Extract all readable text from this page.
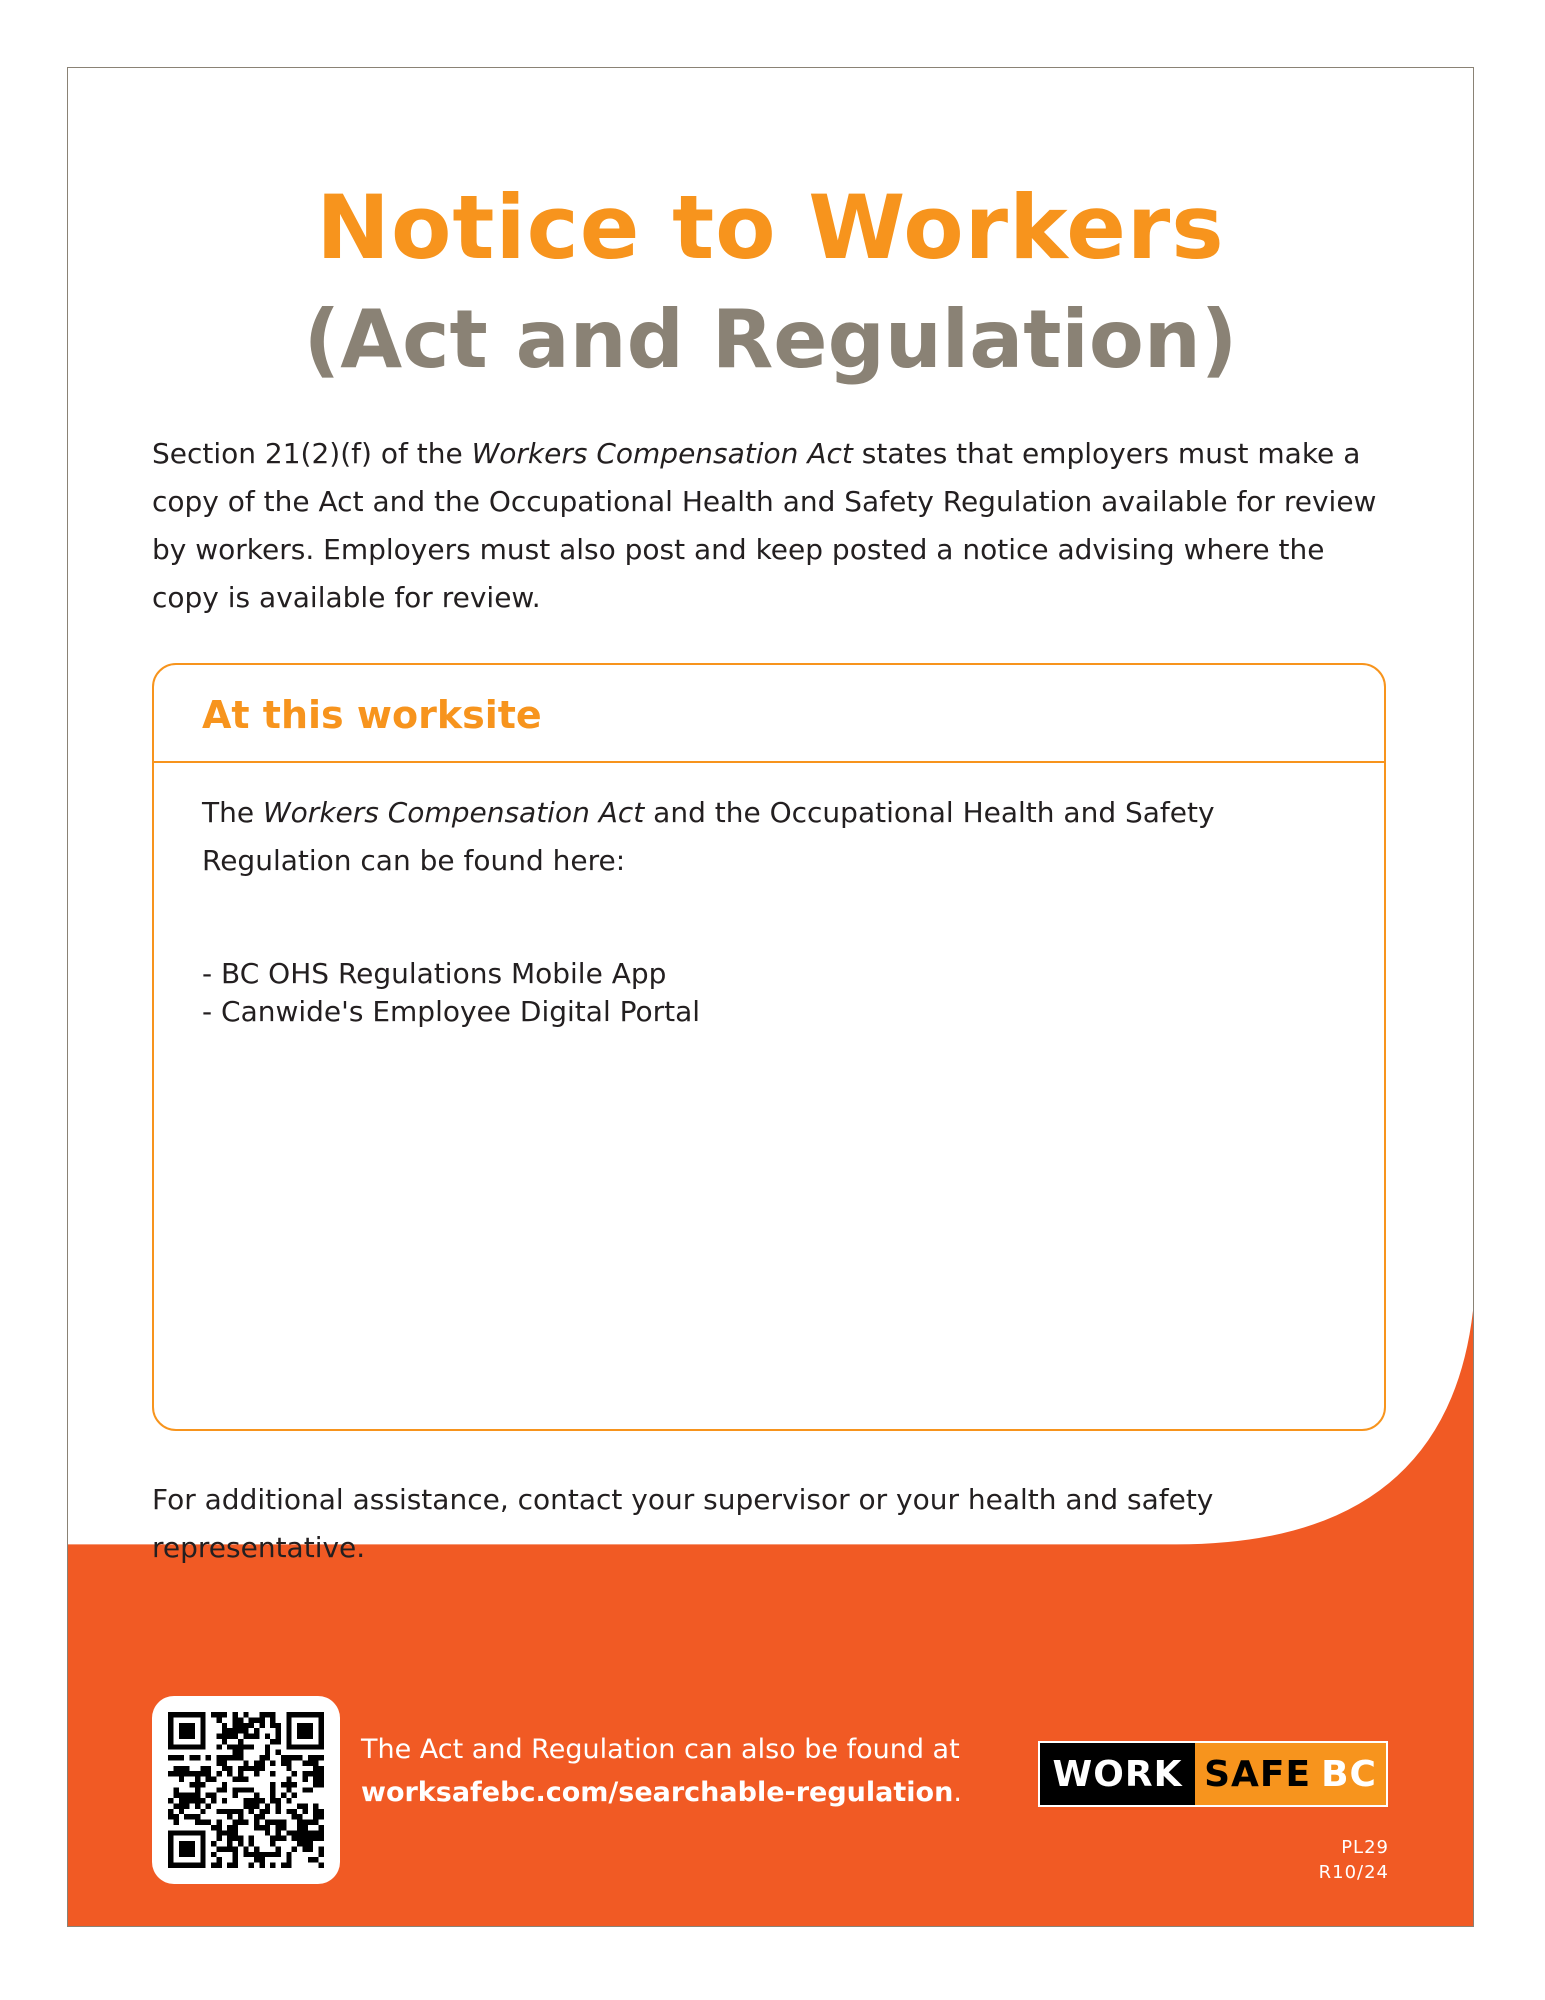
Notice to Workers
(Act and Regulation)

Section 21(2)(f) of the Workers Compensation Act states that employers must make a copy of the Act and the Occupational Health and Safety Regulation available for review by workers. Employers must also post and keep posted a notice advising where the copy is available for review.

At this worksite

The Workers Compensation Act and the Occupational Health and Safety Regulation can be found here:

- BC OHS Regulations Mobile App
- Canwide's Employee Digital Portal

For additional assistance, contact your supervisor or your health and safety representative.

The Act and Regulation can also be found at

worksafebc.com/searchable-regulation.	WORK SAFE BC

PL29

R10/24
